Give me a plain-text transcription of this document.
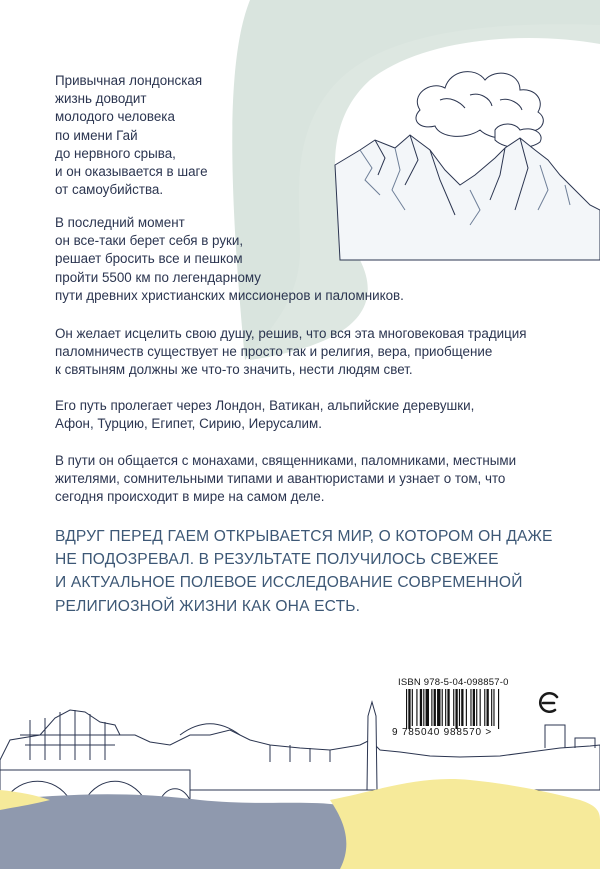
Привычная лондонская
жизнь доводит
молодого человека
по имени Гай
до нервного срыва,
и он оказывается в шаге
от самоубийства.

В последний момент
он все-таки берет себя в руки,
решает бросить все и пешком
пройти 5500 км по легендарному
пути древних христианских миссионеров и паломников.

Он желает исцелить свою душу, решив, что вся эта многовековая традиция
паломничеств существует не просто так и религия, вера, приобщение
к святыням должны же что-то значить, нести людям свет.

Его путь пролегает через Лондон, Ватикан, альпийские деревушки,
Афон, Турцию, Египет, Сирию, Иерусалим.

В пути он общается с монахами, священниками, паломниками, местными
жителями, сомнительными типами и авантюристами и узнает о том, что
сегодня происходит в мире на самом деле.

ВДРУГ ПЕРЕД ГАЕМ ОТКРЫВАЕТСЯ МИР, О КОТОРОМ ОН ДАЖЕ
НЕ ПОДОЗРЕВАЛ. В РЕЗУЛЬТАТЕ ПОЛУЧИЛОСЬ СВЕЖЕЕ
И АКТУАЛЬНОЕ ПОЛЕВОЕ ИССЛЕДОВАНИЕ СОВРЕМЕННОЙ
РЕЛИГИОЗНОЙ ЖИЗНИ КАК ОНА ЕСТЬ.
ISBN 978-5-04-098857-0
9 785040 988570 >
